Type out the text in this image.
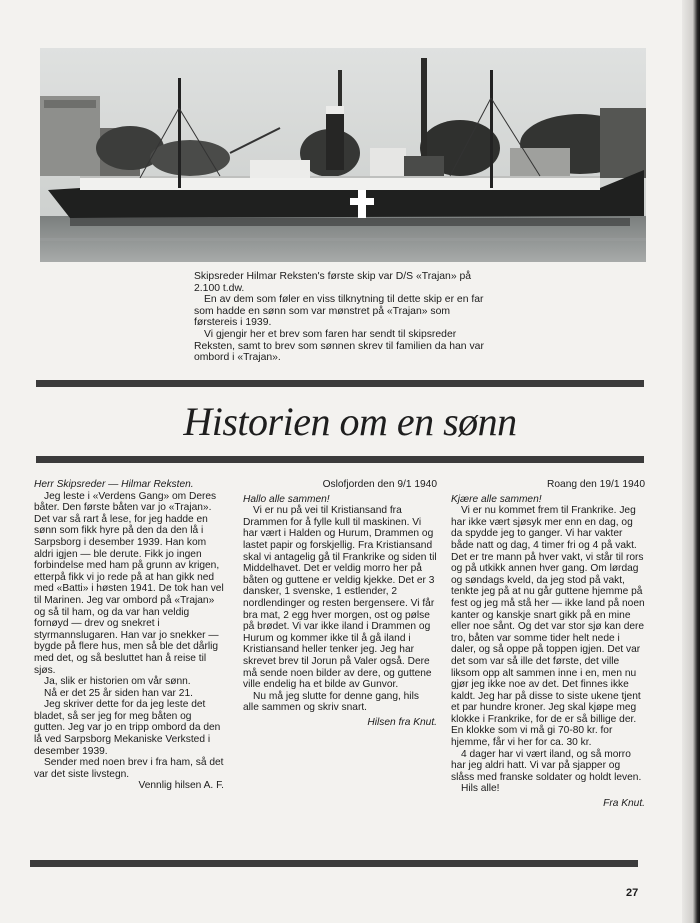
Skipsreder Hilmar Reksten's første skip var D/S «Trajan» på 2.100 t.dw.

En av dem som føler en viss tilknytning til dette skip er en far som hadde en sønn som var mønstret på «Trajan» som førstereis i 1939.

Vi gjengir her et brev som faren har sendt til skipsreder Reksten, samt to brev som sønnen skrev til familien da han var ombord i «Trajan».

Historien om en sønn

Herr Skipsreder — Hilmar Reksten.

Jeg leste i «Verdens Gang» om Deres båter. Den første båten var jo «Trajan». Det var så rart å lese, for jeg hadde en sønn som fikk hyre på den da den lå i Sarpsborg i desember 1939. Han kom aldri igjen — ble derute. Fikk jo ingen forbindelse med ham på grunn av krigen, etterpå fikk vi jo rede på at han gikk ned med «Batti» i høsten 1941. De tok han vel til Marinen. Jeg var ombord på «Trajan» og så til ham, og da var han veldig fornøyd — drev og snekret i styrmannslugaren. Han var jo snekker — bygde på flere hus, men så ble det dårlig med det, og så besluttet han å reise til sjøs.

Ja, slik er historien om vår sønn.

Nå er det 25 år siden han var 21.

Jeg skriver dette for da jeg leste det bladet, så ser jeg for meg båten og gutten. Jeg var jo en tripp ombord da den lå ved Sarpsborg Mekaniske Verksted i desember 1939.

Sender med noen brev i fra ham, så det var det siste livstegn.

Vennlig hilsen A. F.

Oslofjorden den 9/1 1940

Hallo alle sammen!

Vi er nu på vei til Kristiansand fra Drammen for å fylle kull til maskinen. Vi har vært i Halden og Hurum, Drammen og lastet papir og forskjellig. Fra Kristiansand skal vi antagelig gå til Frankrike og siden til Middelhavet. Det er veldig morro her på båten og guttene er veldig kjekke. Det er 3 dansker, 1 svenske, 1 estlender, 2 nordlendinger og resten bergensere. Vi får bra mat, 2 egg hver morgen, ost og pølse på brødet. Vi var ikke iland i Drammen og Hurum og kommer ikke til å gå iland i Kristiansand heller tenker jeg. Jeg har skrevet brev til Jorun på Valer også. Dere må sende noen bilder av dere, og guttene ville endelig ha et bilde av Gunvor.

Nu må jeg slutte for denne gang, hils alle sammen og skriv snart.

Hilsen fra Knut.

Roang den 19/1 1940

Kjære alle sammen!

Vi er nu kommet frem til Frankrike. Jeg har ikke vært sjøsyk mer enn en dag, og da spydde jeg to ganger. Vi har vakter både natt og dag, 4 timer fri og 4 på vakt. Det er tre mann på hver vakt, vi står til rors og på utkikk annen hver gang. Om lørdag og søndags kveld, da jeg stod på vakt, tenkte jeg på at nu går guttene hjemme på fest og jeg må stå her — ikke land på noen kanter og kanskje snart gikk på en mine eller noe sånt. Og det var stor sjø kan dere tro, båten var somme tider helt nede i daler, og så oppe på toppen igjen. Det var det som var så ille det første, det ville liksom opp alt sammen inne i en, men nu gjør jeg ikke noe av det. Det finnes ikke kaldt. Jeg har på disse to siste ukene tjent et par hundre kroner. Jeg skal kjøpe meg klokke i Frankrike, for de er så billige der. En klokke som vi må gi 70-80 kr. for hjemme, får vi her for ca. 30 kr.

4 dager har vi vært iland, og så morro har jeg aldri hatt. Vi var på sjapper og slåss med franske soldater og holdt leven.

Hils alle!

Fra Knut.

27
